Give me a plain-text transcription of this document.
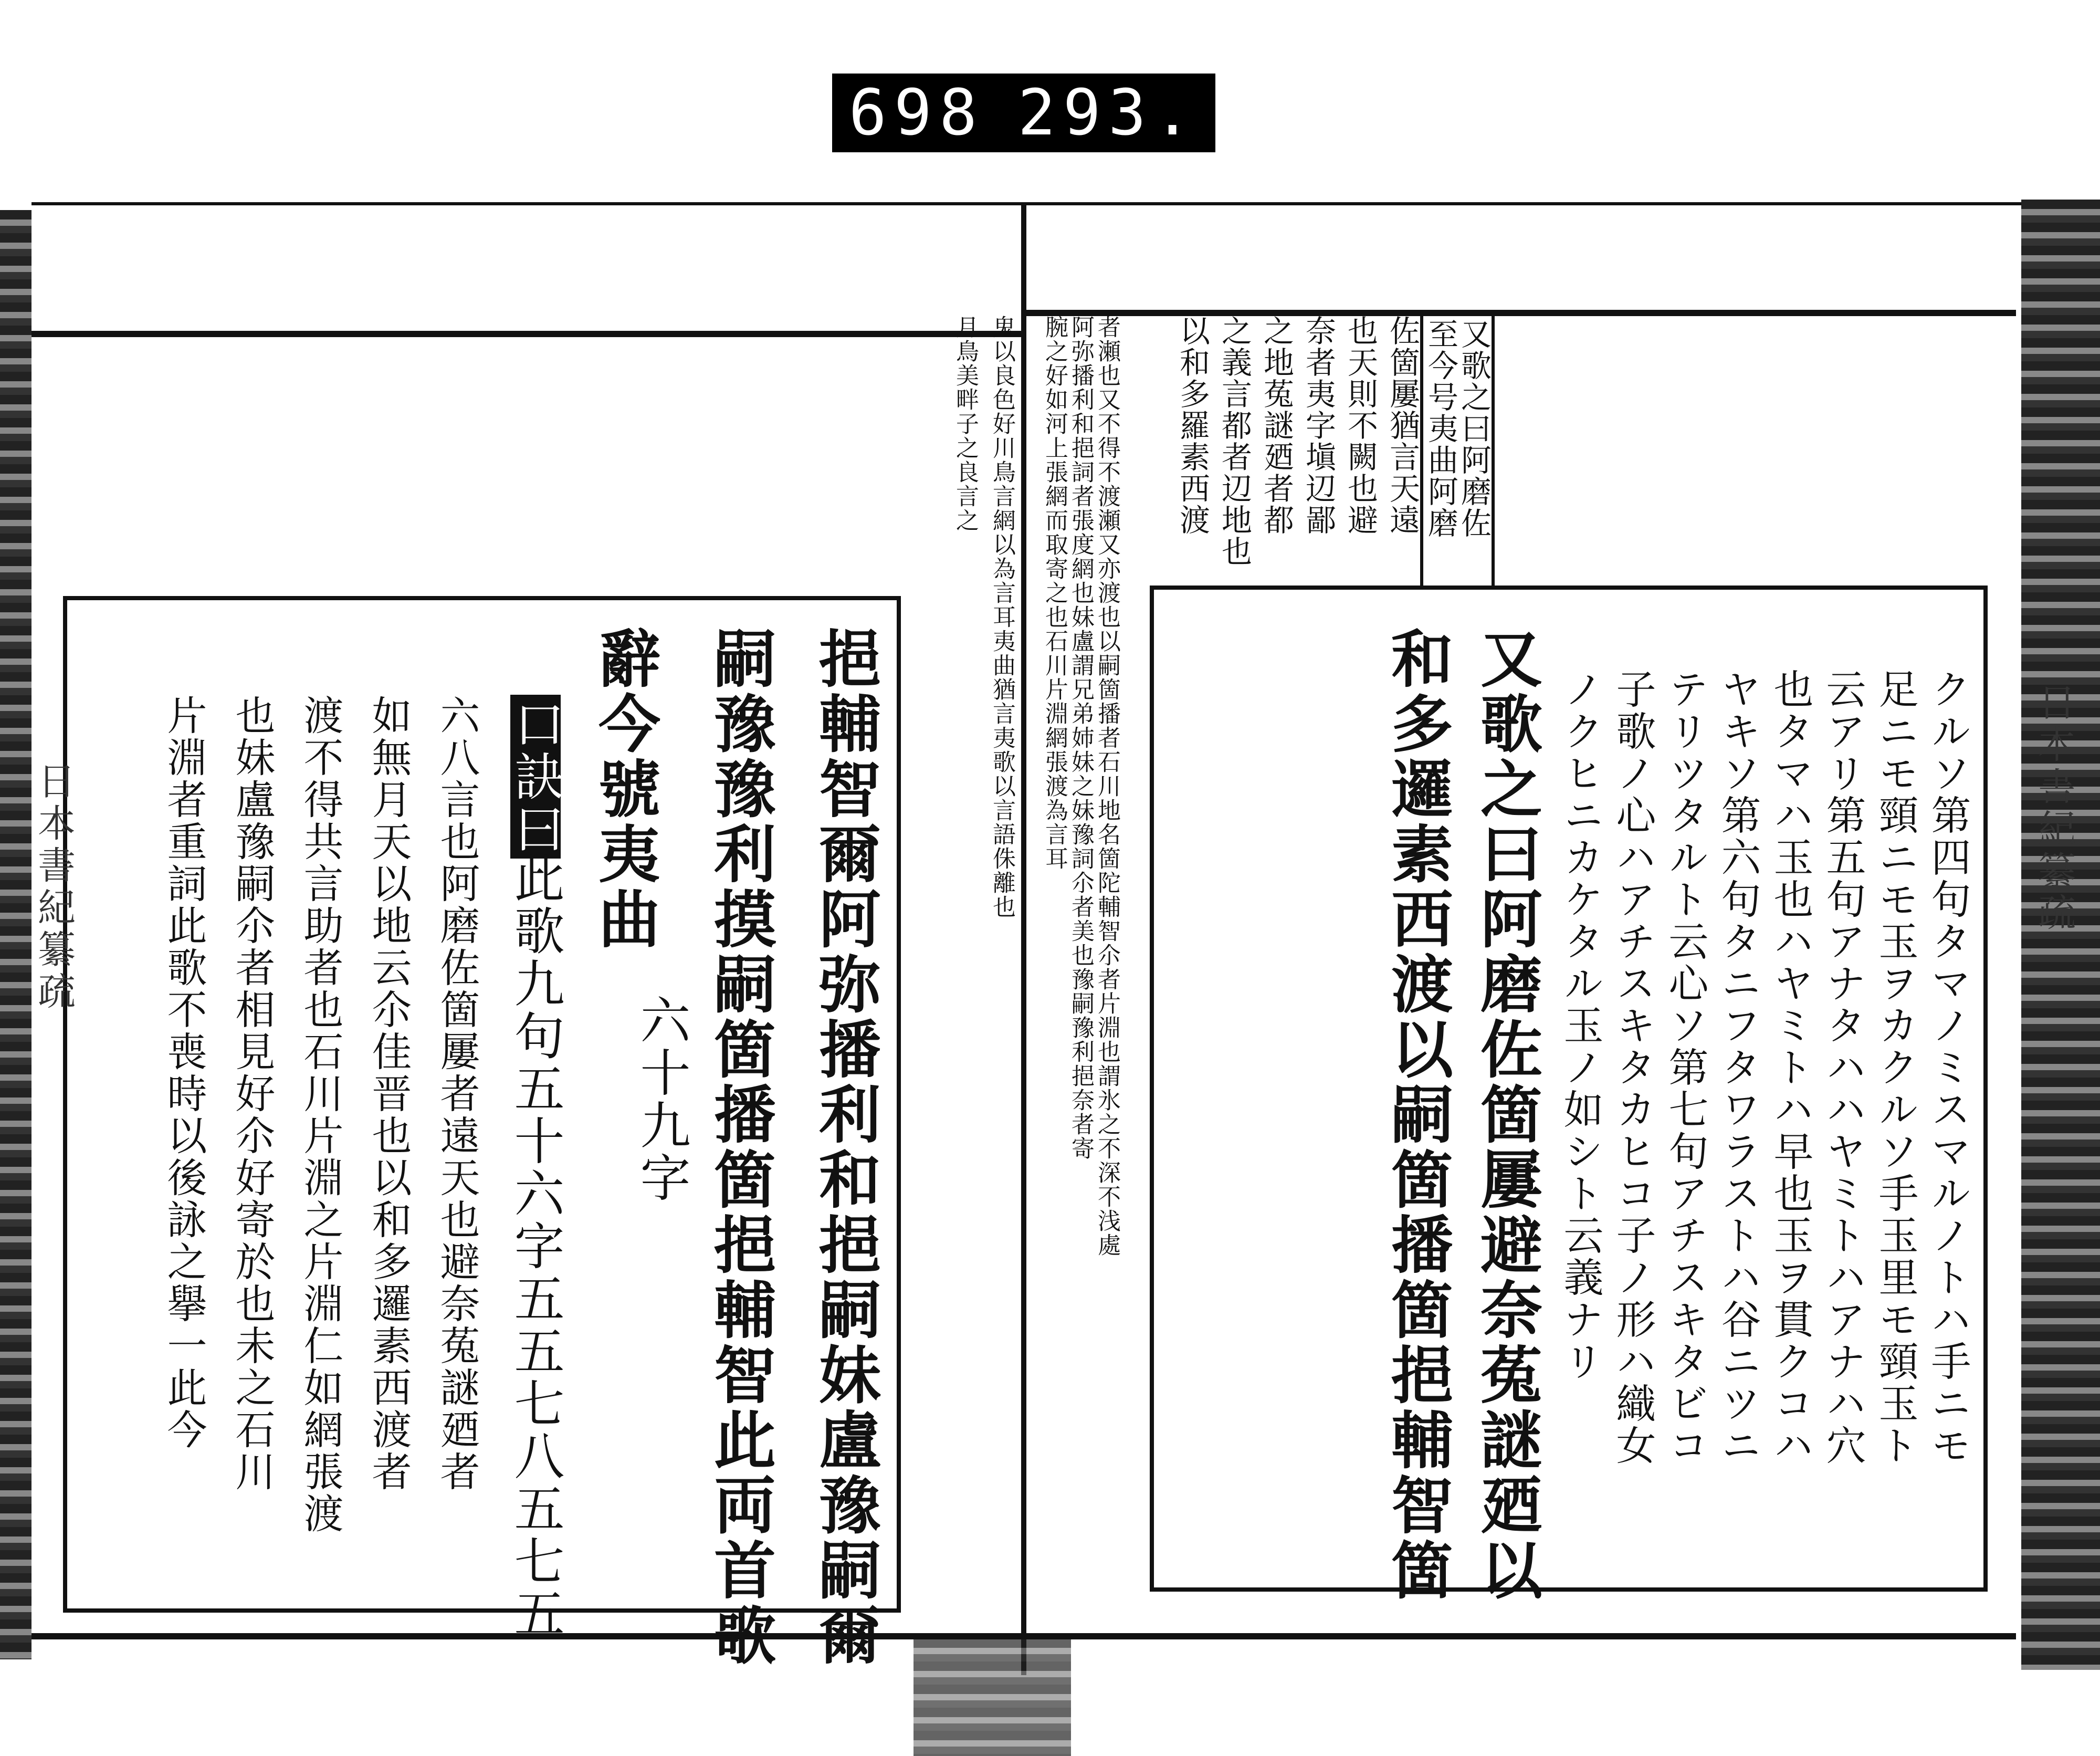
698 293.
又歌之曰阿磨佐
至今号夷曲阿磨
佐箇屢猶言天遠
也天則不闕也避
奈者夷字塡辺鄙
之地菟謎廼者都
之義言都者辺地也
以和多羅素西渡
クルソ第四句タマノミスマルノトハ手ニモ
足ニモ頸ニモ玉ヲカクルソ手玉里モ頸玉ト
云アリ第五句アナタハハヤミトハアナハ穴
也タマハ玉也ハヤミトハ早也玉ヲ貫クコハ
ヤキソ第六句タニフタワラストハ谷ニツニ
テリツタルト云心ソ第七句アチスキタビコ
子歌ノ心ハアチスキタカヒコ子ノ形ハ織女
ノクヒニカケタル玉ノ如シト云義ナリ
又歌之曰阿磨佐箇屢避奈菟謎廼以
和多邏素西渡以嗣箇播箇挹輔智箇	日本書紀纂疏
者瀬也又不得不渡瀬又亦渡也以嗣箇播者石川地名箇陀輔智尒者片淵也謂氷之不深不浅處
阿弥播利和挹詞者張度網也妹盧謂兄弟姉妹之妹豫詞尒者美也豫嗣豫利挹奈者寄
腕之好如河上張網而取寄之也石川片淵網張渡為言耳
鬼以良色好川鳥言網以為言耳夷曲猶言夷歌以言語侏離也
月鳥美畔子之良言之
挹輔智爾阿弥播利和挹嗣妹盧豫嗣爾
嗣豫豫利摸嗣箇播箇挹輔智此両首歌
辭今號夷曲
六十九字
口訣曰
此歌九句五十六字五五七八五七五
六八言也阿磨佐箇屢者遠天也避奈菟謎廼者
如無月天以地云尒佳晋也以和多邏素西渡者
渡不得共言助者也石川片淵之片淵仁如網張渡
也妹盧豫嗣尒者相見好尒好寄於也未之石川
片淵者重詞此歌不喪時以後詠之擧一此今
日本書紀纂疏
